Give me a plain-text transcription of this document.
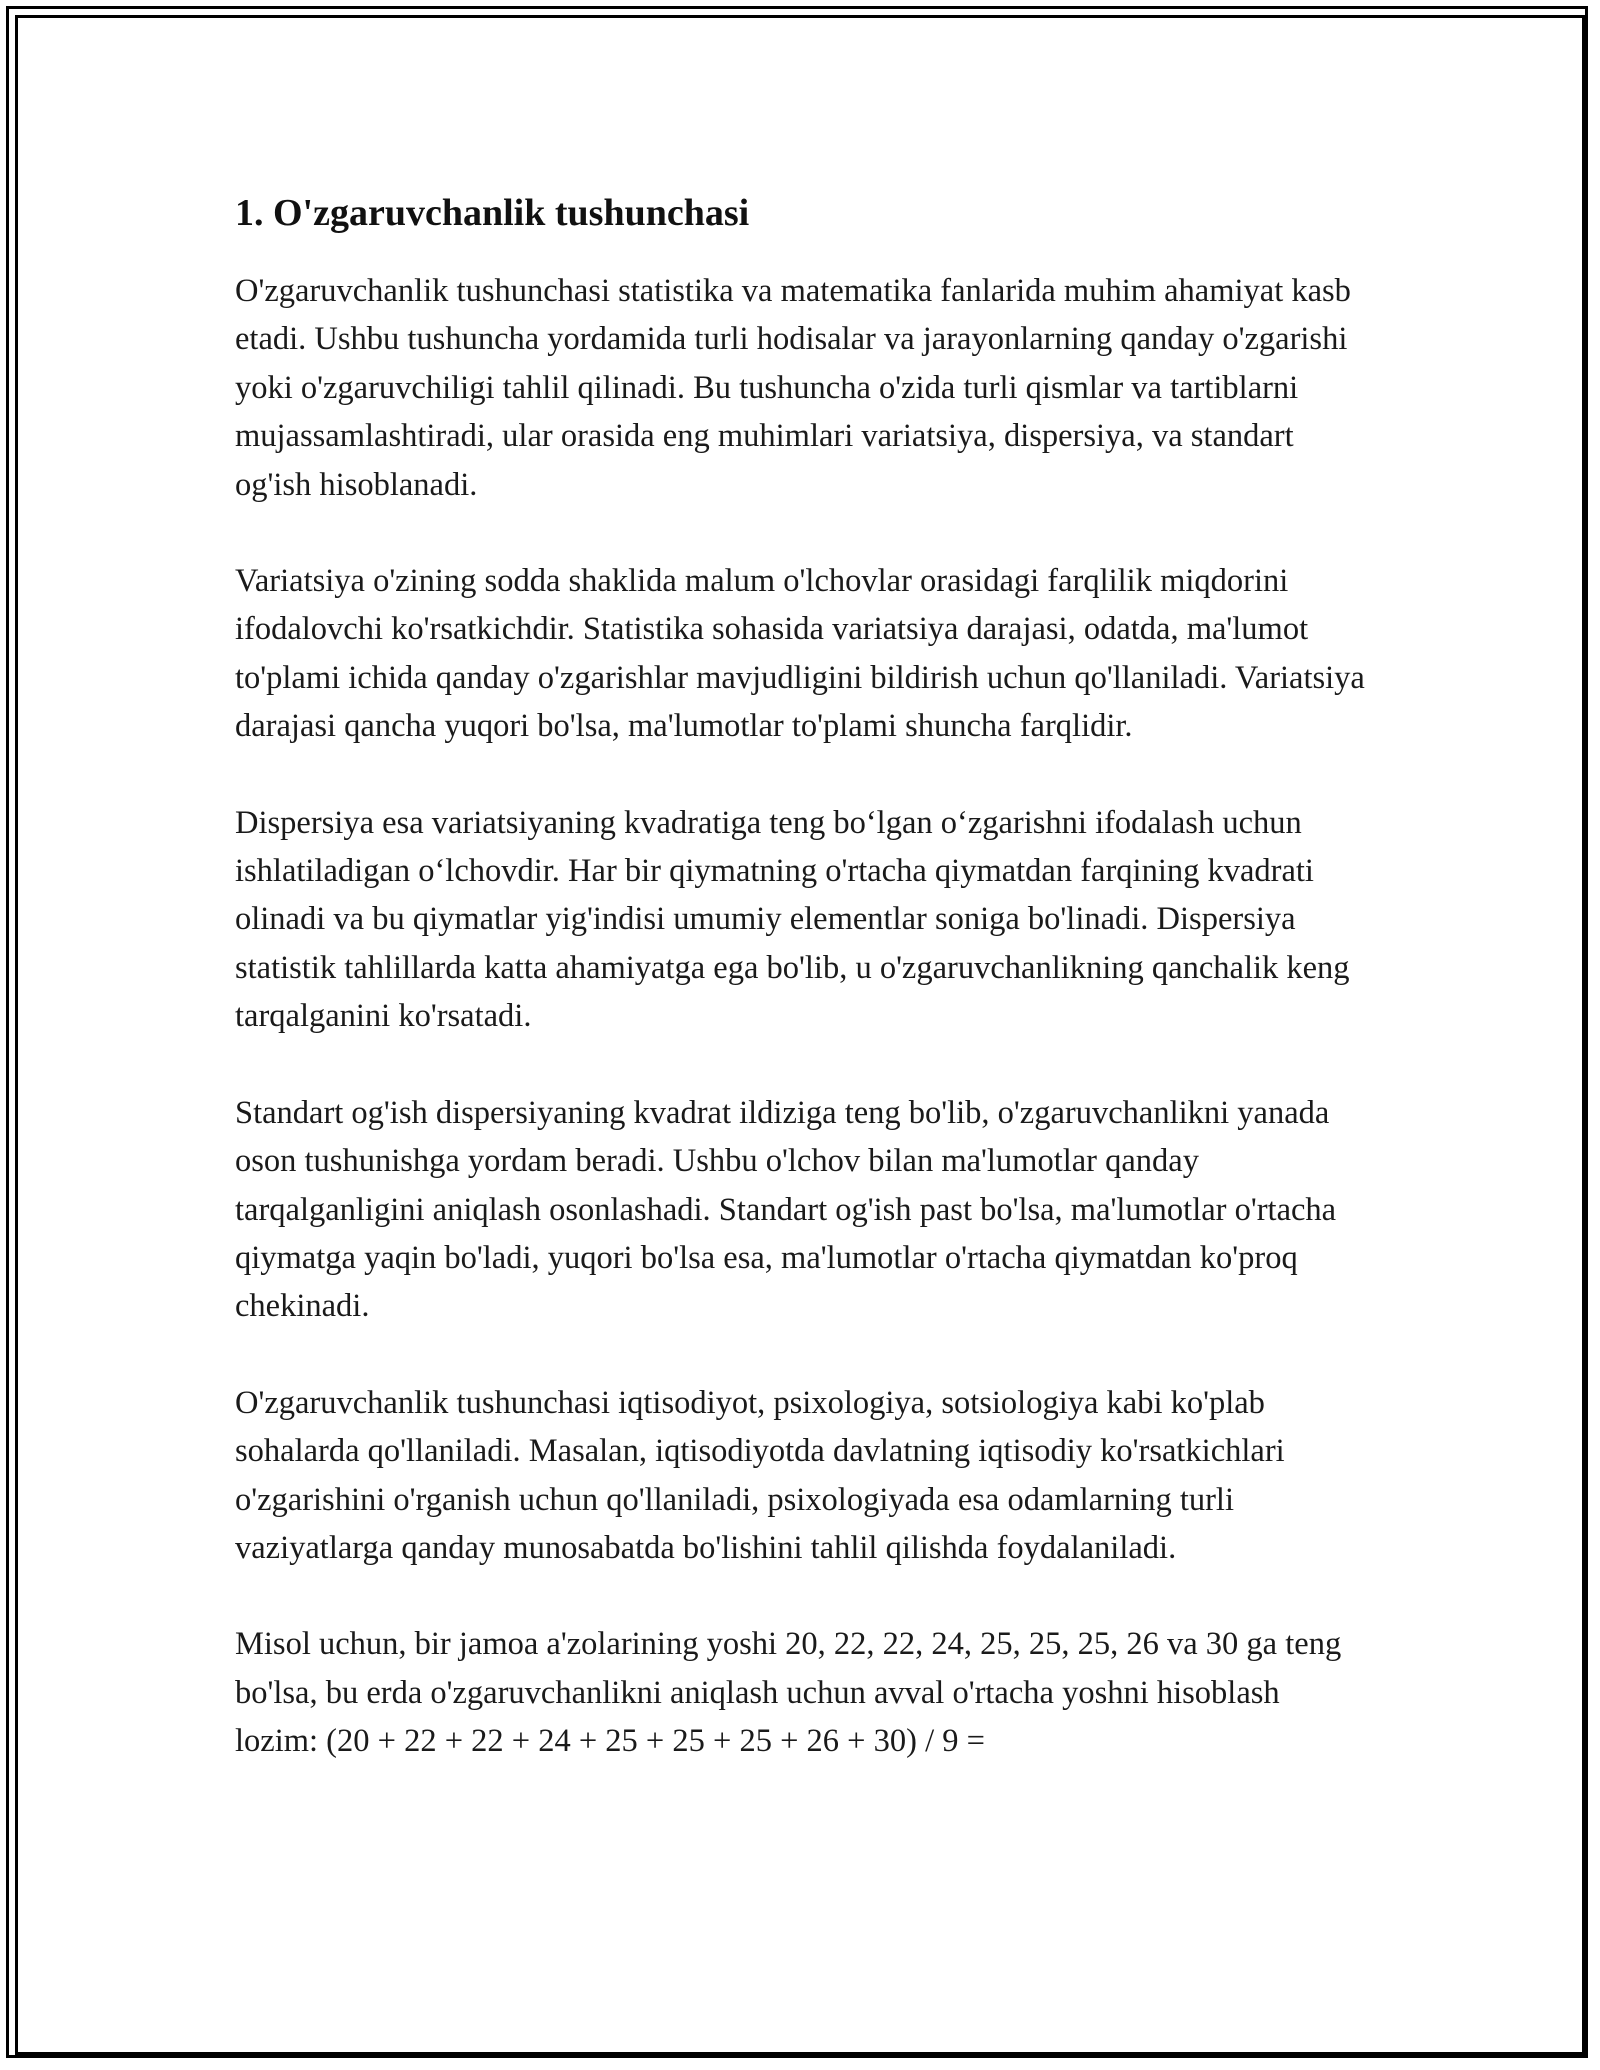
1. O'zgaruvchanlik tushunchasi

O'zgaruvchanlik tushunchasi statistika va matematika fanlarida muhim ahamiyat kasb etadi. Ushbu tushuncha yordamida turli hodisalar va jarayonlarning qanday o'zgarishi yoki o'zgaruvchiligi tahlil qilinadi. Bu tushuncha o'zida turli qismlar va tartiblarni mujassamlashtiradi, ular orasida eng muhimlari variatsiya, dispersiya, va standart og'ish hisoblanadi.

Variatsiya o'zining sodda shaklida malum o'lchovlar orasidagi farqlilik miqdorini ifodalovchi ko'rsatkichdir. Statistika sohasida variatsiya darajasi, odatda, ma'lumot to'plami ichida qanday o'zgarishlar mavjudligini bildirish uchun qo'llaniladi. Variatsiya darajasi qancha yuqori bo'lsa, ma'lumotlar to'plami shuncha farqlidir.

Dispersiya esa variatsiyaning kvadratiga teng bo‘lgan o‘zgarishni ifodalash uchun ishlatiladigan o‘lchovdir. Har bir qiymatning o'rtacha qiymatdan farqining kvadrati olinadi va bu qiymatlar yig'indisi umumiy elementlar soniga bo'linadi. Dispersiya statistik tahlillarda katta ahamiyatga ega bo'lib, u o'zgaruvchanlikning qanchalik keng tarqalganini ko'rsatadi.

Standart og'ish dispersiyaning kvadrat ildiziga teng bo'lib, o'zgaruvchanlikni yanada oson tushunishga yordam beradi. Ushbu o'lchov bilan ma'lumotlar qanday tarqalganligini aniqlash osonlashadi. Standart og'ish past bo'lsa, ma'lumotlar o'rtacha qiymatga yaqin bo'ladi, yuqori bo'lsa esa, ma'lumotlar o'rtacha qiymatdan ko'proq chekinadi.

O'zgaruvchanlik tushunchasi iqtisodiyot, psixologiya, sotsiologiya kabi ko'plab sohalarda qo'llaniladi. Masalan, iqtisodiyotda davlatning iqtisodiy ko'rsatkichlari o'zgarishini o'rganish uchun qo'llaniladi, psixologiyada esa odamlarning turli vaziyatlarga qanday munosabatda bo'lishini tahlil qilishda foydalaniladi.

Misol uchun, bir jamoa a'zolarining yoshi 20, 22, 22, 24, 25, 25, 25, 26 va 30 ga teng bo'lsa, bu erda o'zgaruvchanlikni aniqlash uchun avval o'rtacha yoshni hisoblash lozim: (20 + 22 + 22 + 24 + 25 + 25 + 25 + 26 + 30) / 9 =
